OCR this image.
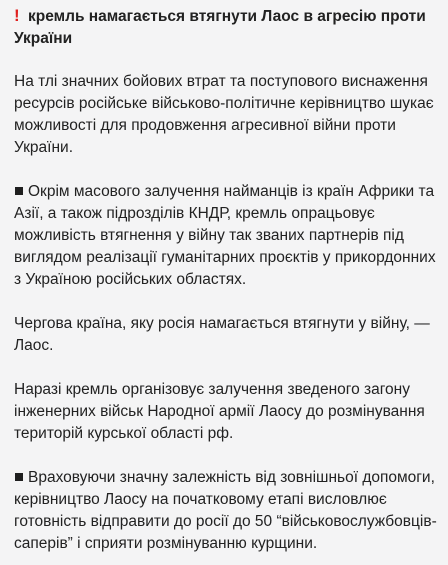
! кремль намагається втягнути Лаос в агресію проти України

На тлі значних бойових втрат та поступового виснаження ресурсів російське військово-політичне керівництво шукає можливості для продовження агресивної війни проти України.

Окрім масового залучення найманців із країн Африки та Азії, а також підрозділів КНДР, кремль опрацьовує можливість втягнення у війну так званих партнерів під виглядом реалізації гуманітарних проєктів у прикордонних з Україною російських областях.

Чергова країна, яку росія намагається втягнути у війну, — Лаос.

Наразі кремль організовує залучення зведеного загону інженерних військ Народної армії Лаосу до розмінування територій курської області рф.

Враховуючи значну залежність від зовнішньої допомоги, керівництво Лаосу на початковому етапі висловлює готовність відправити до росії до 50 “військовослужбовців-саперів” і сприяти розмінуванню курщини.
